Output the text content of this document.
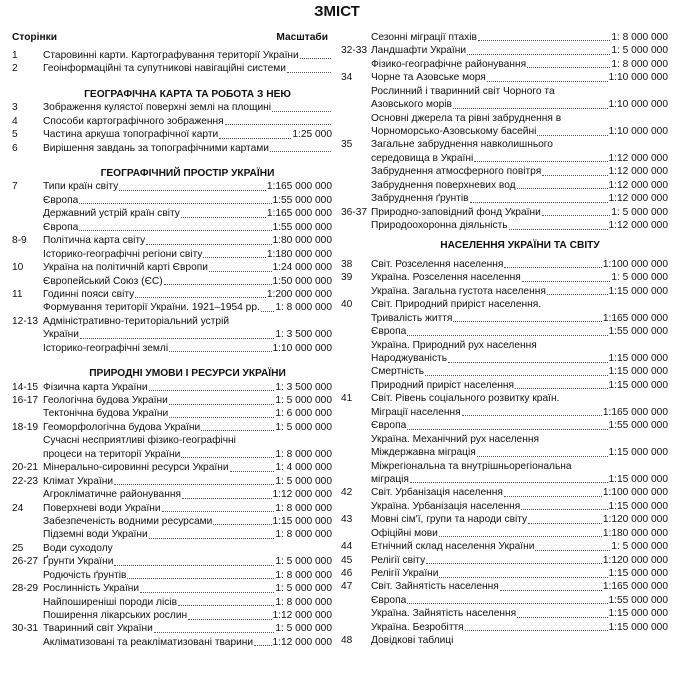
ЗМІСТ
Сторінки	Масштаби
1	Старовинні карти. Картографування території України
2	Геоінформаційні та супутникові навігаційні системи
ГЕОГРАФІЧНА КАРТА ТА РОБОТА З НЕЮ
3	Зображення кулястої поверхні землі на площині
4	Способи картографічного зображення
5	Частина аркуша топографічної карти	1:25 000
6	Вирішення завдань за топографічними картами
ГЕОГРАФІЧНИЙ ПРОСТІР УКРАЇНИ
7	Типи країн світу	1:165 000 000
Європа	1:55 000 000
Державний устрій країн світу	1:165 000 000
Європа	1:55 000 000
8-9	Політична карта світу	1:80 000 000
Історико-географічні регіони світу	1:180 000 000
10	Україна на політичній карті Європи	1:24 000 000
Європейський Союз (ЄС)	1:50 000 000
11	Годинні пояси світу	1:200 000 000
Формування території України. 1921–1954 рр. 1: 8 000 000
12-13 Адміністративно-територіальний устрій
України	1: 3 500 000
Історико-географічні землі	1:10 000 000
ПРИРОДНІ УМОВИ І РЕСУРСИ УКРАЇНИ
14-15 Фізична карта України	1: 3 500 000
16-17 Геологічна будова України	1: 5 000 000
Тектонічна будова України	1: 6 000 000
18-19 Геоморфологічна будова України	1: 5 000 000
Сучасні несприятливі фізико-географічні
процеси на території України	1: 8 000 000
20-21 Мінерально-сировинні ресурси України	1: 4 000 000
22-23 Клімат України	1: 5 000 000
Агрокліматичне районування	1:12 000 000
24	Поверхневі води України	1: 8 000 000
Забезпеченість водними ресурсами	1:15 000 000
Підземні води України	1: 8 000 000
25	Води суходолу
26-27 Ґрунти України	1: 5 000 000
Родючість ґрунтів	1: 8 000 000
28-29 Рослинність України	1: 5 000 000
Найпоширеніші породи лісів	1: 8 000 000
Поширення лікарських рослин	1:12 000 000
30-31 Тваринний світ України	1: 5 000 000
Акліматизовані та реакліматизовані тварини 1:12 000 000
Сезонні міграції птахів	1: 8 000 000
32-33 Ландшафти України	1: 5 000 000
Фізико-географічне районування	1: 8 000 000
34	Чорне та Азовське моря	1:10 000 000
Рослинний і тваринний світ Чорного та
Азовського морів	1:10 000 000
Основні джерела та рівні забруднення в
Чорноморсько-Азовському басейні	1:10 000 000
35	Загальне забруднення навколишнього
середовища в Україні	1:12 000 000
Забруднення атмосферного повітря	1:12 000 000
Забруднення поверхневих вод	1:12 000 000
Забруднення ґрунтів	1:12 000 000
36-37 Природно-заповідний фонд України	1: 5 000 000
Природоохоронна діяльність	1:12 000 000
НАСЕЛЕННЯ УКРАЇНИ ТА СВІТУ
38	Світ. Розселення населення	1:100 000 000
39	Україна. Розселення населення	1: 5 000 000
Україна. Загальна густота населення	1:15 000 000
40	Світ. Природний приріст населення.
Тривалість життя	1:165 000 000
Європа	1:55 000 000
Україна. Природний рух населення
Народжуваність	1:15 000 000
Смертність	1:15 000 000
Природний приріст населення	1:15 000 000
41	Світ. Рівень соціального розвитку країн.
Міграції населення	1:165 000 000
Європа	1:55 000 000
Україна. Механічний рух населення
Міждержавна міграція	1:15 000 000
Міжрегіональна та внутрішньорегіональна
міграція	1:15 000 000
42	Світ. Урбанізація населення	1:100 000 000
Україна. Урбанізація населення	1:15 000 000
43	Мовні сім'ї, групи та народи світу	1:120 000 000
Офіційні мови	1:180 000 000
44	Етнічний склад населення України	1: 5 000 000
45	Релігії світу	1:120 000 000
46	Релігії України	1:15 000 000
47	Світ. Зайнятість населення	1:165 000 000
Європа	1:55 000 000
Україна. Зайнятість населення	1:15 000 000
Україна. Безробіття	1:15 000 000
48	Довідкові таблиці
